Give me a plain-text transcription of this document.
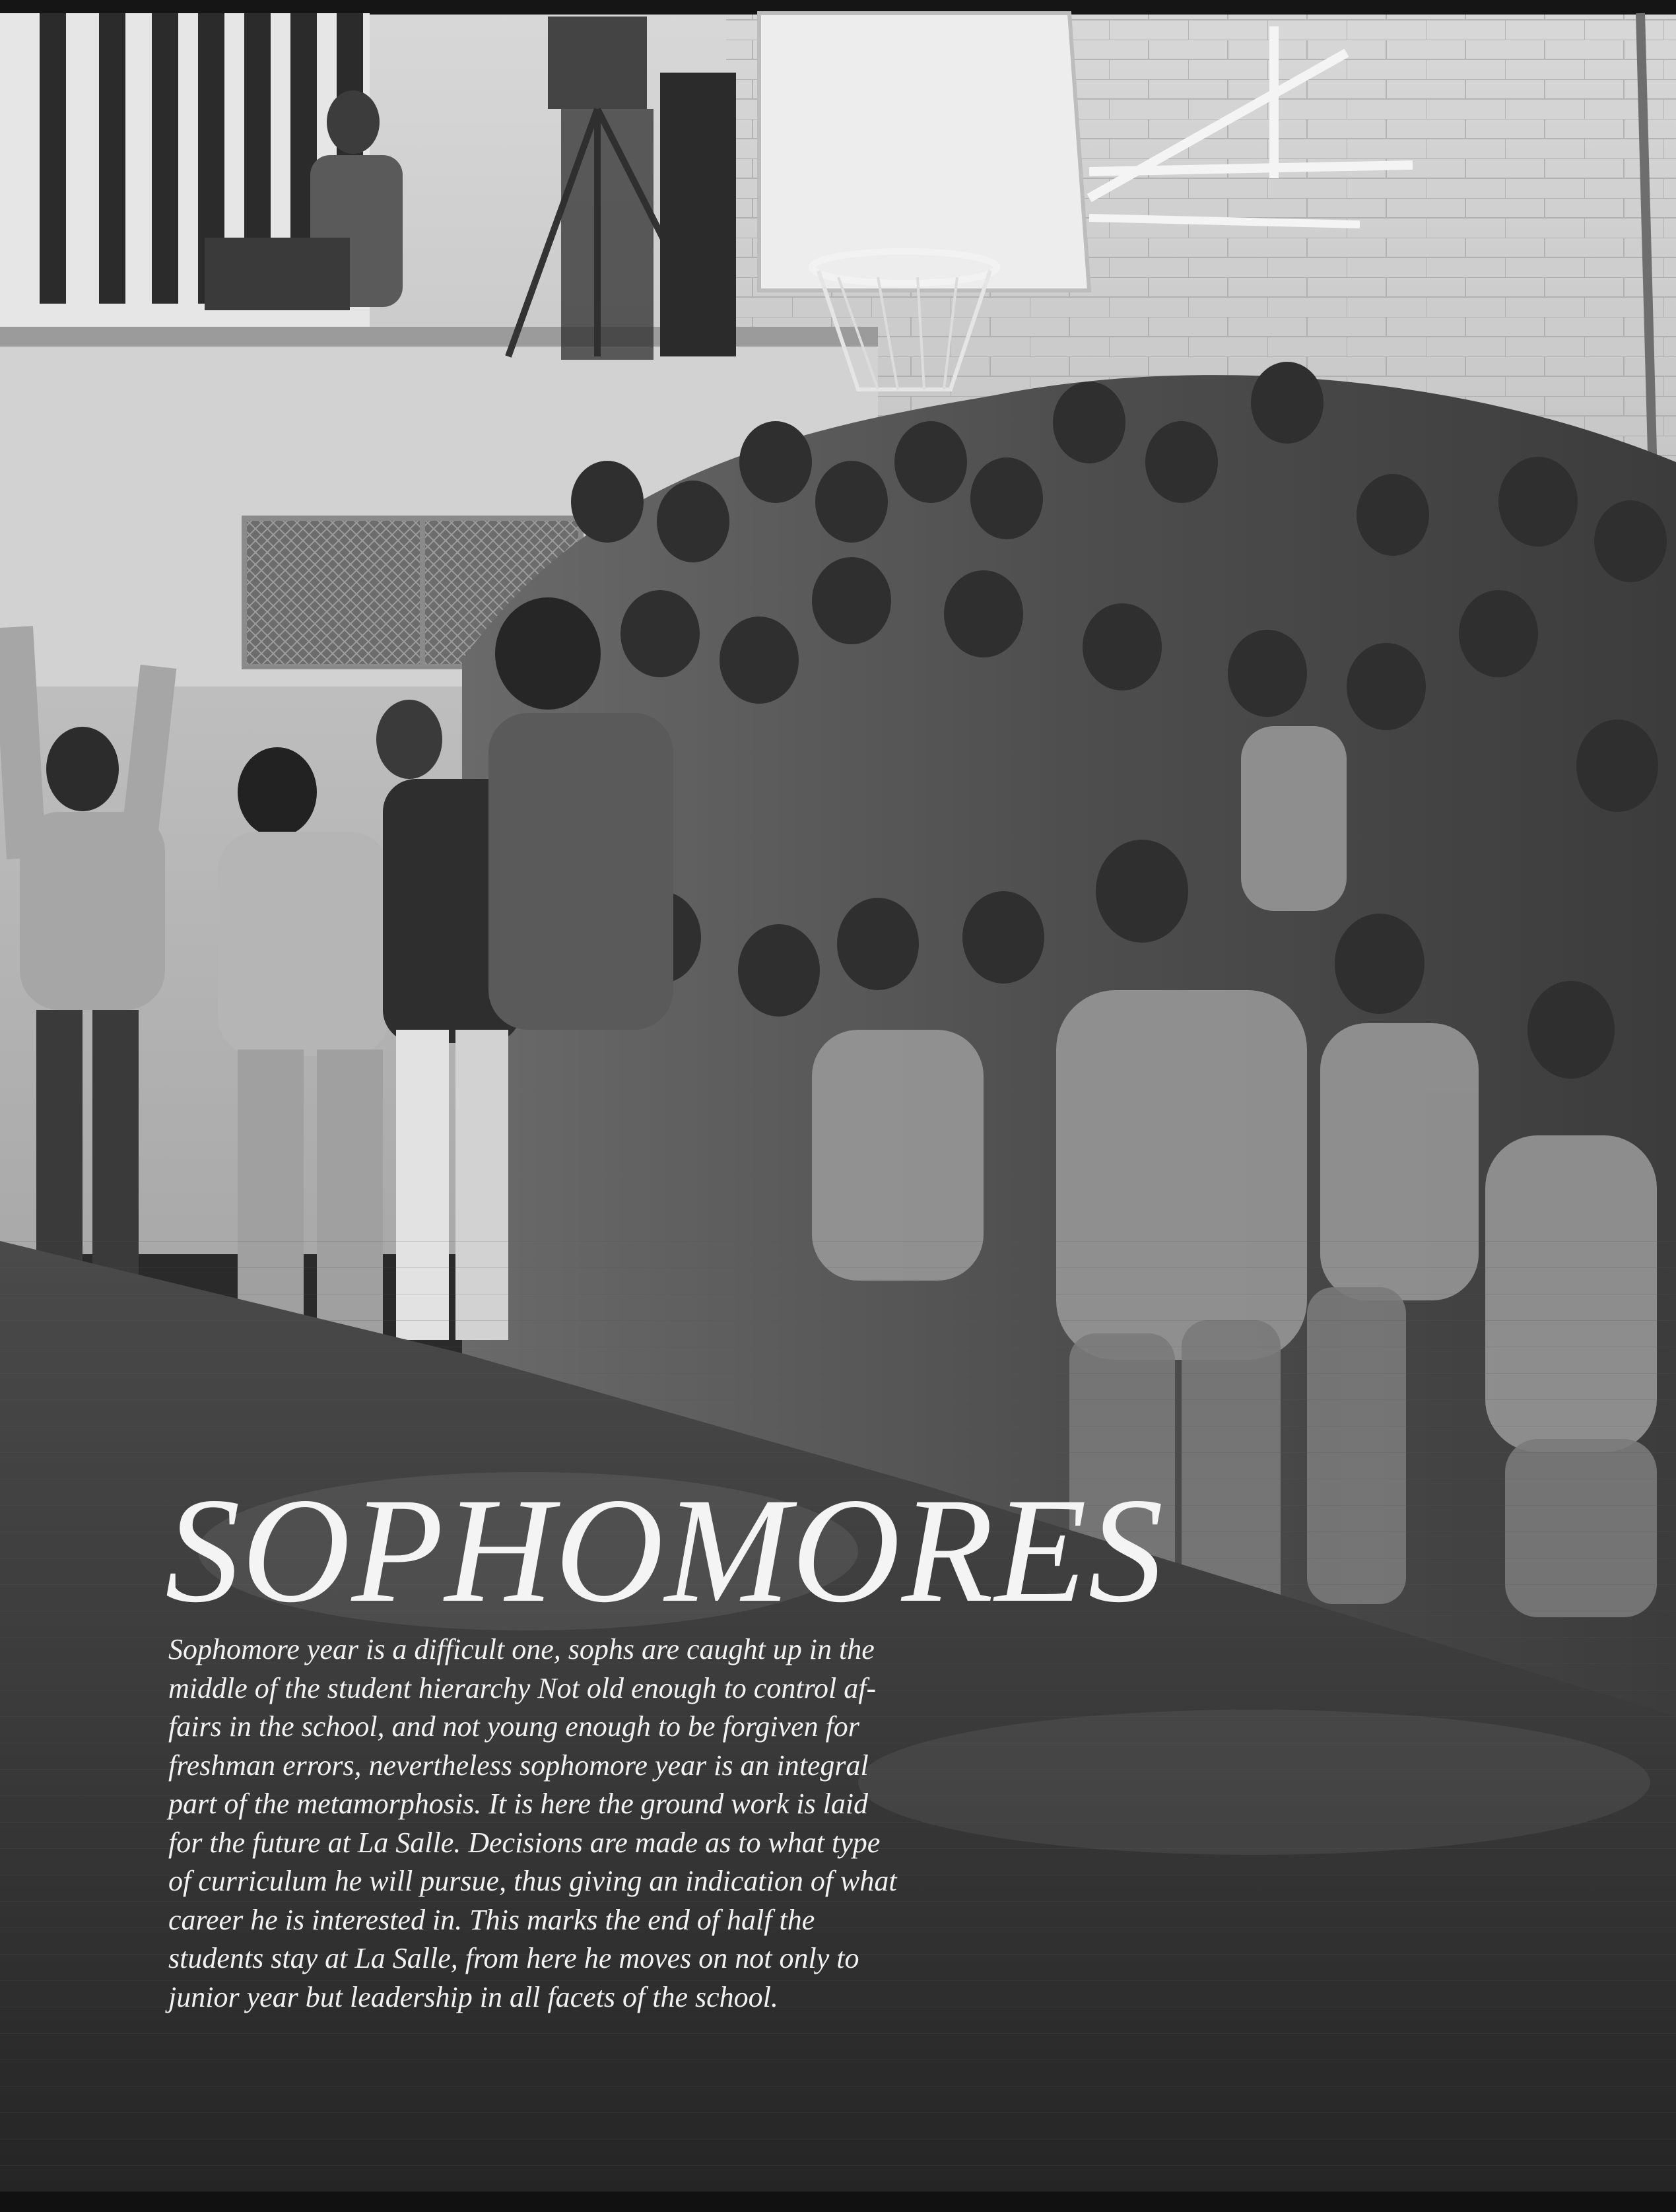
SOPHOMORES

Sophomore year is a difficult one, sophs are caught up in the
middle of the student hierarchy Not old enough to control af-
fairs in the school, and not young enough to be forgiven for
freshman errors, nevertheless sophomore year is an integral
part of the metamorphosis. It is here the ground work is laid
for the future at La Salle. Decisions are made as to what type
of curriculum he will pursue, thus giving an indication of what
career he is interested in. This marks the end of half the
students stay at La Salle, from here he moves on not only to
junior year but leadership in all facets of the school.
